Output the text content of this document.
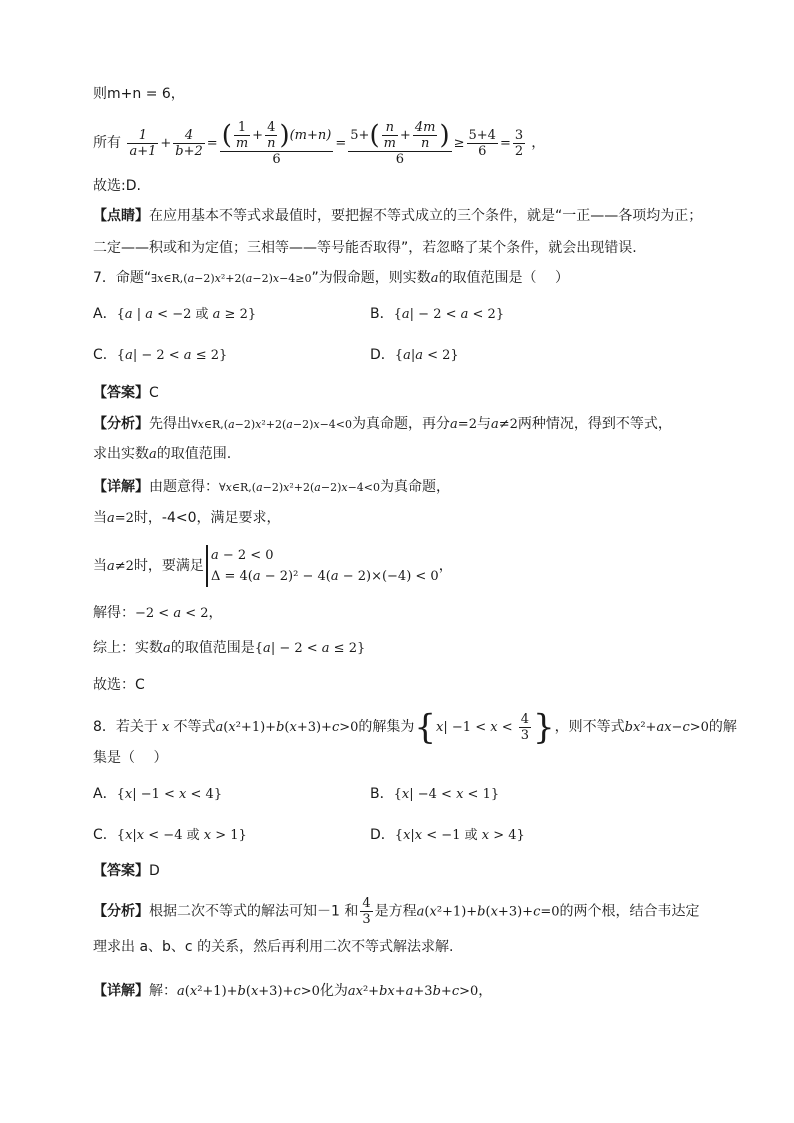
则m+n = 6，
所有 $\frac{1}{a+1} + \frac{4}{b+2} = \frac{( \frac{1}{m} + \frac{4}{n} )(m+n)}{6} = \frac{5+( \frac{n}{m} + \frac{4m}{n} )}{6} \ge \frac{5+4}{6} = \frac{3}{2}$ ，
故选:D.
【点睛】在应用基本不等式求最值时，要把握不等式成立的三个条件，就是“一正——各项均为正；
二定——积或和为定值；三相等——等号能否取得”，若忽略了某个条件，就会出现错误.
7．命题“∃x∈R,(a−2)x²+2(a−2)x−4≥0”为假命题，则实数a的取值范围是（　 ）
A．{a | a < −2 或 a ≥ 2}	B．{a| − 2 < a < 2}
C．{a| − 2 < a ≤ 2}	D．{a|a < 2}
【答案】C
【分析】先得出∀x∈R,(a−2)x²+2(a−2)x−4<0为真命题，再分a=2与a≠2两种情况，得到不等式，
求出实数a的取值范围.
【详解】由题意得：∀x∈R,(a−2)x²+2(a−2)x−4<0为真命题，
当a=2时，-4<0，满足要求，
当a≠2时，要满足
a − 2 < 0
Δ = 4(a − 2)² − 4(a − 2)×(−4) < 0
，
解得：−2 < a < 2，
综上：实数a的取值范围是{a| − 2 < a ≤ 2}
故选：C
8．若关于 x 不等式a(x²+1)+b(x+3)+c>0的解集为{$x| -1 < x < \frac{4}{3}$ }，则不等式bx²+ax−c>0的解
集是（　 ）
A．{x| −1 < x < 4}	B．{x| −4 < x < 1}
C．{x|x < −4 或 x > 1}	D．{x|x < −1 或 x > 4}
【答案】D
【分析】根据二次不等式的解法可知－1 和 $\frac{4}{3}$ 是方程a(x²+1)+b(x+3)+c=0的两个根，结合韦达定
理求出 a、b、c 的关系，然后再利用二次不等式解法求解.
【详解】解：a(x²+1)+b(x+3)+c>0化为ax²+bx+a+3b+c>0，
